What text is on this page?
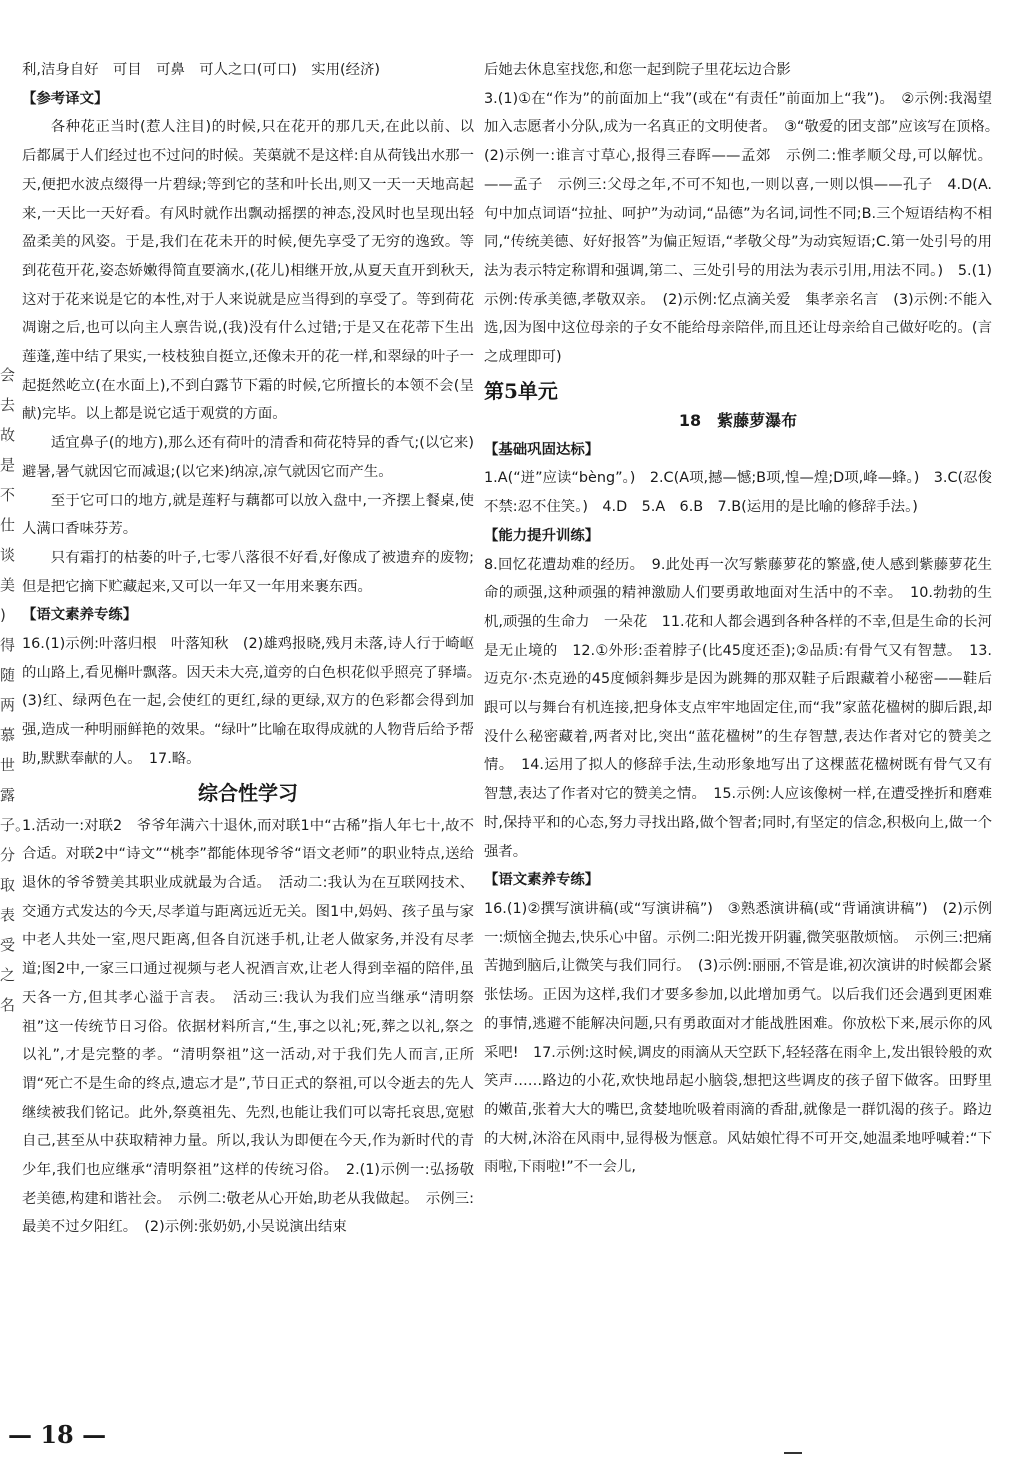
利,洁身自好　可目　可鼻　可人之口(可口)　实用(经济)

【参考译文】

各种花正当时(惹人注目)的时候,只在花开的那几天,在此以前、以后都属于人们经过也不过问的时候。芙蕖就不是这样:自从荷钱出水那一天,便把水波点缀得一片碧绿;等到它的茎和叶长出,则又一天一天地高起来,一天比一天好看。有风时就作出飘动摇摆的神态,没风时也呈现出轻盈柔美的风姿。于是,我们在花未开的时候,便先享受了无穷的逸致。等到花苞开花,姿态娇嫩得简直要滴水,(花儿)相继开放,从夏天直开到秋天,这对于花来说是它的本性,对于人来说就是应当得到的享受了。等到荷花凋谢之后,也可以向主人禀告说,(我)没有什么过错;于是又在花蒂下生出莲蓬,莲中结了果实,一枝枝独自挺立,还像未开的花一样,和翠绿的叶子一起挺然屹立(在水面上),不到白露节下霜的时候,它所擅长的本领不会(呈献)完毕。以上都是说它适于观赏的方面。

适宜鼻子(的地方),那么还有荷叶的清香和荷花特异的香气;(以它来)避暑,暑气就因它而减退;(以它来)纳凉,凉气就因它而产生。

至于它可口的地方,就是莲籽与藕都可以放入盘中,一齐摆上餐桌,使人满口香味芬芳。

只有霜打的枯萎的叶子,七零八落很不好看,好像成了被遗弃的废物;但是把它摘下贮藏起来,又可以一年又一年用来裹东西。

【语文素养专练】

16.(1)示例:叶落归根　叶落知秋　(2)雄鸡报晓,残月未落,诗人行于崎岖的山路上,看见槲叶飘落。因天未大亮,道旁的白色枳花似乎照亮了驿墙。　(3)红、绿两色在一起,会使红的更红,绿的更绿,双方的色彩都会得到加强,造成一种明丽鲜艳的效果。“绿叶”比喻在取得成就的人物背后给予帮助,默默奉献的人。　17.略。

综合性学习

1.活动一:对联2　爷爷年满六十退休,而对联1中“古稀”指人年七十,故不合适。对联2中“诗文”“桃李”都能体现爷爷“语文老师”的职业特点,送给退休的爷爷赞美其职业成就最为合适。　活动二:我认为在互联网技术、交通方式发达的今天,尽孝道与距离远近无关。图1中,妈妈、孩子虽与家中老人共处一室,咫尺距离,但各自沉迷手机,让老人做家务,并没有尽孝道;图2中,一家三口通过视频与老人祝酒言欢,让老人得到幸福的陪伴,虽天各一方,但其孝心溢于言表。　活动三:我认为我们应当继承“清明祭祖”这一传统节日习俗。依据材料所言,“生,事之以礼;死,葬之以礼,祭之以礼”,才是完整的孝。“清明祭祖”这一活动,对于我们先人而言,正所谓“死亡不是生命的终点,遗忘才是”,节日正式的祭祖,可以令逝去的先人继续被我们铭记。此外,祭奠祖先、先烈,也能让我们可以寄托哀思,宽慰自己,甚至从中获取精神力量。所以,我认为即便在今天,作为新时代的青少年,我们也应继承“清明祭祖”这样的传统习俗。　2.(1)示例一:弘扬敬老美德,构建和谐社会。　示例二:敬老从心开始,助老从我做起。　示例三:最美不过夕阳红。　(2)示例:张奶奶,小吴说演出结束

后她去休息室找您,和您一起到院子里花坛边合影

3.(1)①在“作为”的前面加上“我”(或在“有责任”前面加上“我”)。　②示例:我渴望加入志愿者小分队,成为一名真正的文明使者。　③“敬爱的团支部”应该写在顶格。　(2)示例一:谁言寸草心,报得三春晖——孟郊　示例二:惟孝顺父母,可以解忧。——孟子　示例三:父母之年,不可不知也,一则以喜,一则以惧——孔子　4.D(A.句中加点词语“拉扯、呵护”为动词,“品德”为名词,词性不同;B.三个短语结构不相同,“传统美德、好好报答”为偏正短语,“孝敬父母”为动宾短语;C.第一处引号的用法为表示特定称谓和强调,第二、三处引号的用法为表示引用,用法不同。)　5.(1)示例:传承美德,孝敬双亲。　(2)示例:忆点滴关爱　集孝亲名言　(3)示例:不能入选,因为图中这位母亲的子女不能给母亲陪伴,而且还让母亲给自己做好吃的。(言之成理即可)

第5单元
18　紫藤萝瀑布
【基础巩固达标】

1.A(“迸”应读“bèng”。)　2.C(A项,撼—憾;B项,惶—煌;D项,峰—蜂。)　3.C(忍俊不禁:忍不住笑。)　4.D　5.A　6.B　7.B(运用的是比喻的修辞手法。)

【能力提升训练】

8.回忆花遭劫难的经历。　9.此处再一次写紫藤萝花的繁盛,使人感到紫藤萝花生命的顽强,这种顽强的精神激励人们要勇敢地面对生活中的不幸。　10.勃勃的生机,顽强的生命力　一朵花　11.花和人都会遇到各种各样的不幸,但是生命的长河是无止境的　12.①外形:歪着脖子(比45度还歪);②品质:有骨气又有智慧。　13.迈克尔·杰克逊的45度倾斜舞步是因为跳舞的那双鞋子后跟藏着小秘密——鞋后跟可以与舞台有机连接,把身体支点牢牢地固定住,而“我”家蓝花楹树的脚后跟,却没什么秘密藏着,两者对比,突出“蓝花楹树”的生存智慧,表达作者对它的赞美之情。　14.运用了拟人的修辞手法,生动形象地写出了这棵蓝花楹树既有骨气又有智慧,表达了作者对它的赞美之情。　15.示例:人应该像树一样,在遭受挫折和磨难时,保持平和的心态,努力寻找出路,做个智者;同时,有坚定的信念,积极向上,做一个强者。

【语文素养专练】

16.(1)②撰写演讲稿(或“写演讲稿”)　③熟悉演讲稿(或“背诵演讲稿”)　(2)示例一:烦恼全抛去,快乐心中留。示例二:阳光拨开阴霾,微笑驱散烦恼。　示例三:把痛苦抛到脑后,让微笑与我们同行。　(3)示例:丽丽,不管是谁,初次演讲的时候都会紧张怯场。正因为这样,我们才要多参加,以此增加勇气。以后我们还会遇到更困难的事情,逃避不能解决问题,只有勇敢面对才能战胜困难。你放松下来,展示你的风采吧!　17.示例:这时候,调皮的雨滴从天空跃下,轻轻落在雨伞上,发出银铃般的欢笑声……路边的小花,欢快地昂起小脑袋,想把这些调皮的孩子留下做客。田野里的嫩苗,张着大大的嘴巴,贪婪地吮吸着雨滴的香甜,就像是一群饥渴的孩子。路边的大树,沐浴在风雨中,显得极为惬意。风姑娘忙得不可开交,她温柔地呼喊着:“下雨啦,下雨啦!”不一会儿,

会
去
故
是
不
仕
谈
美
)
得
随
两
慕
世
露
子。
分
取
表
受
之
名
— 18 —
